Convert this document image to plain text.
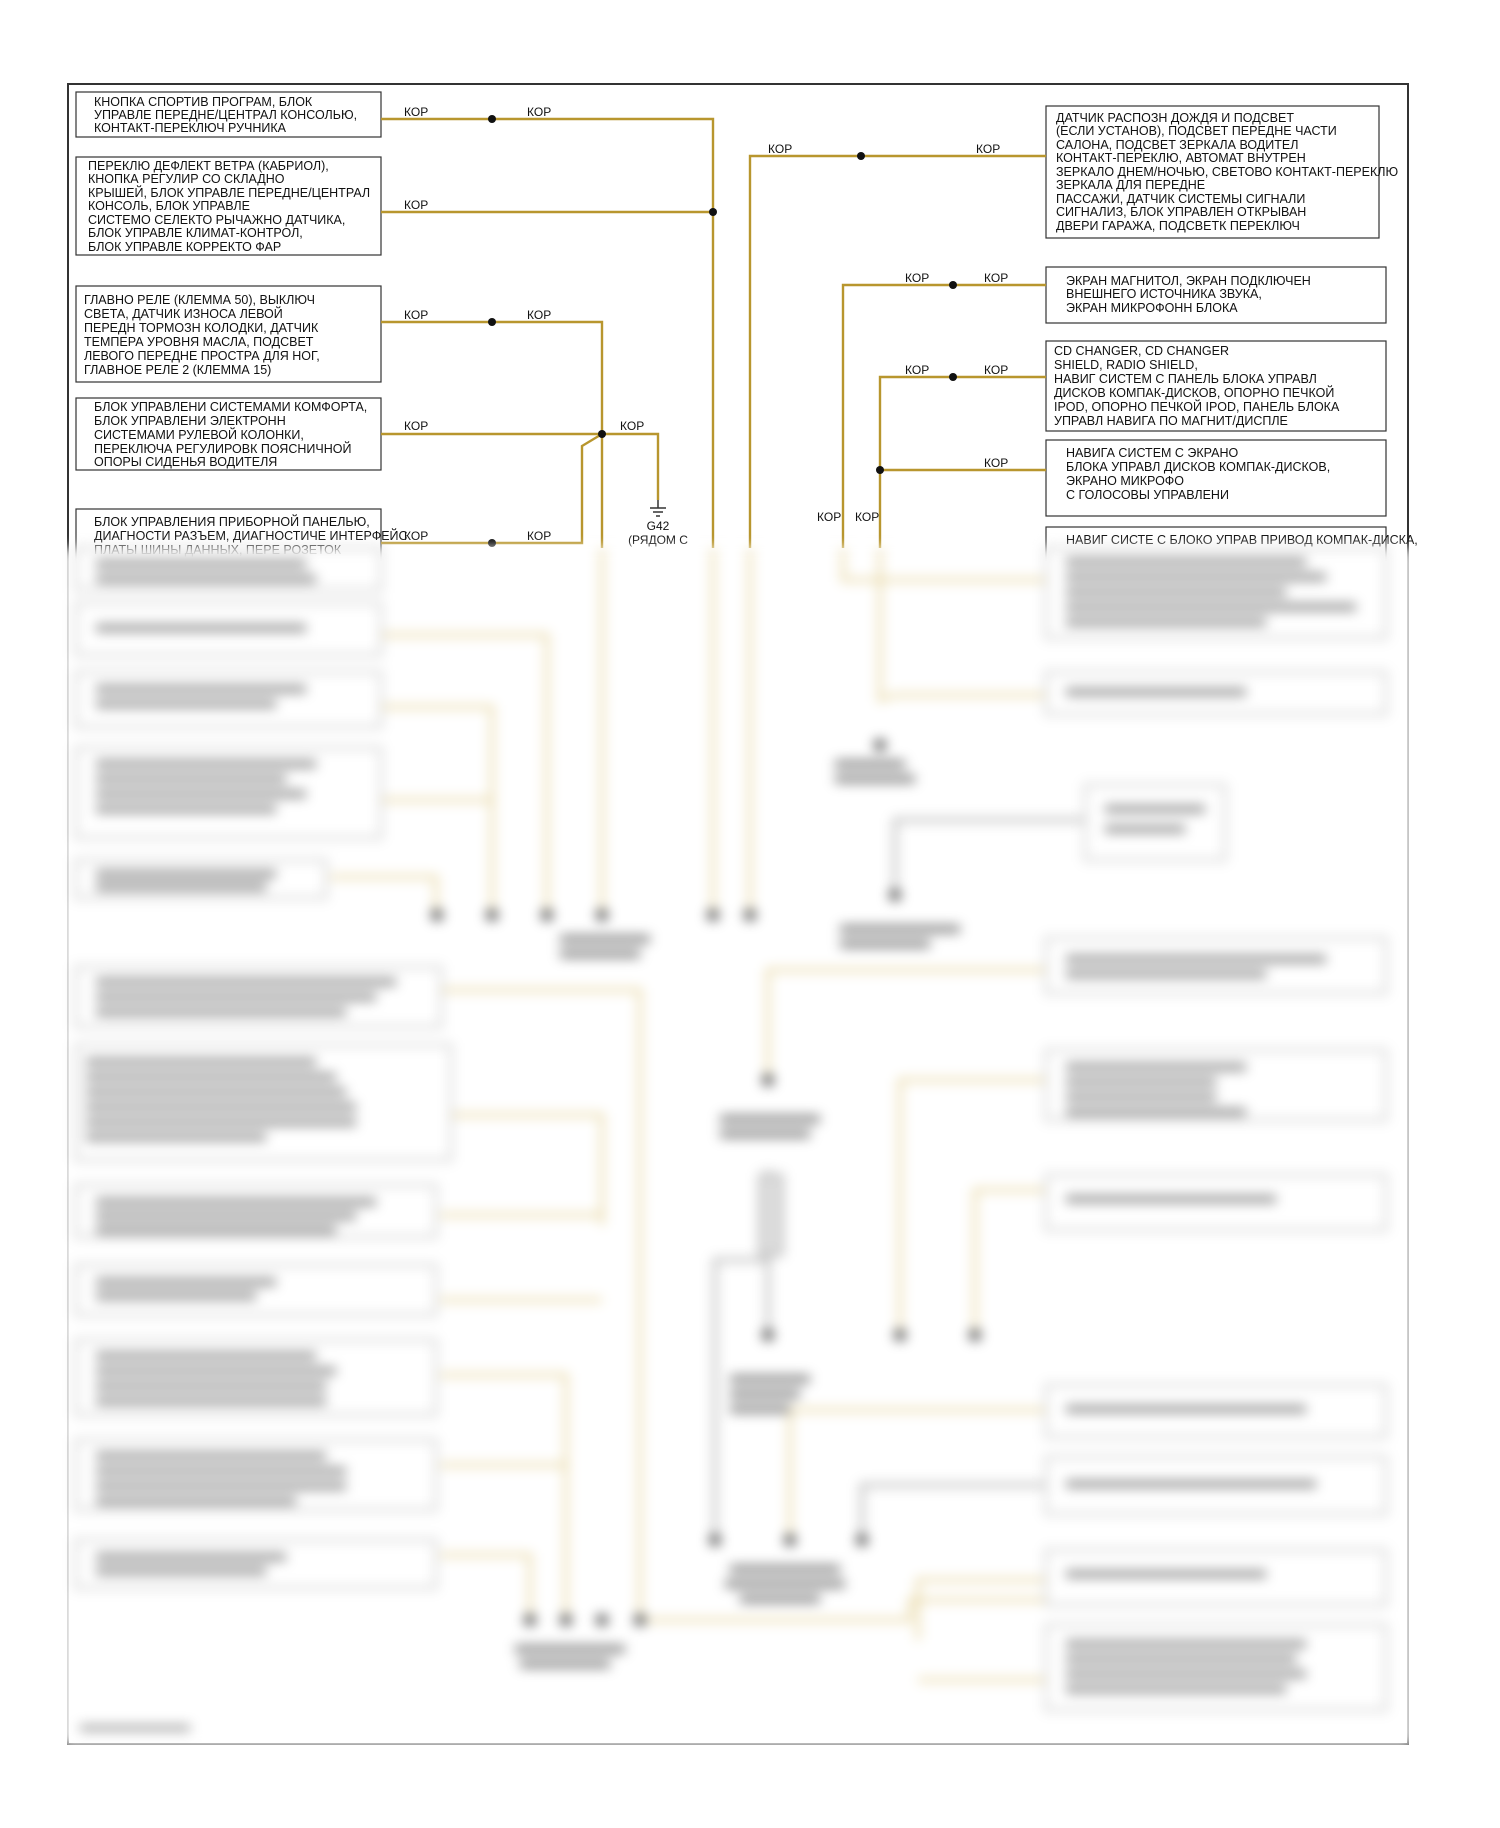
КНОПКА СПОРТИВ ПРОГРАМ, БЛОК
УПРАВЛЕ ПЕРЕДНЕ/ЦЕНТРАЛ КОНСОЛЬЮ,
КОНТАКТ-ПЕРЕКЛЮЧ РУЧНИКА
ПЕРЕКЛЮ ДЕФЛЕКТ ВЕТРА (КАБРИОЛ),
КНОПКА РЕГУЛИР СО СКЛАДНО
КРЫШЕЙ, БЛОК УПРАВЛЕ ПЕРЕДНЕ/ЦЕНТРАЛ
КОНСОЛЬ, БЛОК УПРАВЛЕ
СИСТЕМО СЕЛЕКТО РЫЧАЖНО ДАТЧИКА,
БЛОК УПРАВЛЕ КЛИМАТ-КОНТРОЛ,
БЛОК УПРАВЛЕ КОРРЕКТО ФАР
ГЛАВНО РЕЛЕ (КЛЕММА 50), ВЫКЛЮЧ
СВЕТА, ДАТЧИК ИЗНОСА ЛЕВОЙ
ПЕРЕДН ТОРМОЗН КОЛОДКИ, ДАТЧИК
ТЕМПЕРА УРОВНЯ МАСЛА, ПОДСВЕТ
ЛЕВОГО ПЕРЕДНЕ ПРОСТРА ДЛЯ НОГ,
ГЛАВНОЕ РЕЛЕ 2 (КЛЕММА 15)
БЛОК УПРАВЛЕНИ СИСТЕМАМИ КОМФОРТА,
БЛОК УПРАВЛЕНИ ЭЛЕКТРОНН
СИСТЕМАМИ РУЛЕВОЙ КОЛОНКИ,
ПЕРЕКЛЮЧА РЕГУЛИРОВК ПОЯСНИЧНОЙ
ОПОРЫ СИДЕНЬЯ ВОДИТЕЛЯ
БЛОК УПРАВЛЕНИЯ ПРИБОРНОЙ ПАНЕЛЬЮ,
ДИАГНОСТИ РАЗЪЕМ, ДИАГНОСТИЧЕ ИНТЕРФЕЙС
ДАТЧИК РАСПОЗН ДОЖДЯ И ПОДСВЕТ
(ЕСЛИ УСТАНОВ), ПОДСВЕТ ПЕРЕДНЕ ЧАСТИ
САЛОНА, ПОДСВЕТ ЗЕРКАЛА ВОДИТЕЛ
КОНТАКТ-ПЕРЕКЛЮ, АВТОМАТ ВНУТРЕН
ЗЕРКАЛО ДНЕМ/НОЧЬЮ, СВЕТОВО КОНТАКТ-ПЕРЕКЛЮ
ЗЕРКАЛА ДЛЯ ПЕРЕДНЕ
ПАССАЖИ, ДАТЧИК СИСТЕМЫ СИГНАЛИ
СИГНАЛИЗ, БЛОК УПРАВЛЕН ОТКРЫВАН
ДВЕРИ ГАРАЖА, ПОДСВЕТК ПЕРЕКЛЮЧ
ЭКРАН МАГНИТОЛ, ЭКРАН ПОДКЛЮЧЕН
ВНЕШНЕГО ИСТОЧНИКА ЗВУКА,
ЭКРАН МИКРОФОНН БЛОКА
CD CHANGER, CD CHANGER
SHIELD, RADIO SHIELD,
НАВИГ СИСТЕМ С ПАНЕЛЬ БЛОКА УПРАВЛ
ДИСКОВ КОМПАК-ДИСКОВ, ОПОРНО ПЕЧКОЙ
IPOD, ОПОРНО ПЕЧКОЙ IPOD, ПАНЕЛЬ БЛОКА
УПРАВЛ НАВИГА ПО МАГНИТ/ДИСПЛЕ
НАВИГА СИСТЕМ С ЭКРАНО
БЛОКА УПРАВЛ ДИСКОВ КОМПАК-ДИСКОВ,
ЭКРАНО МИКРОФО
С ГОЛОСОВЫ УПРАВЛЕНИ
НАВИГ СИСТЕ С БЛОКО УПРАВ ПРИВОД КОМПАК-ДИСКА,
КОР	КОР
КОР
КОР	КОР
КОР	КОР
КОР	КОР
КОР	КОР
КОР	КОР
КОР	КОР
КОР
КОР КОР
G42
(РЯДОМ С
